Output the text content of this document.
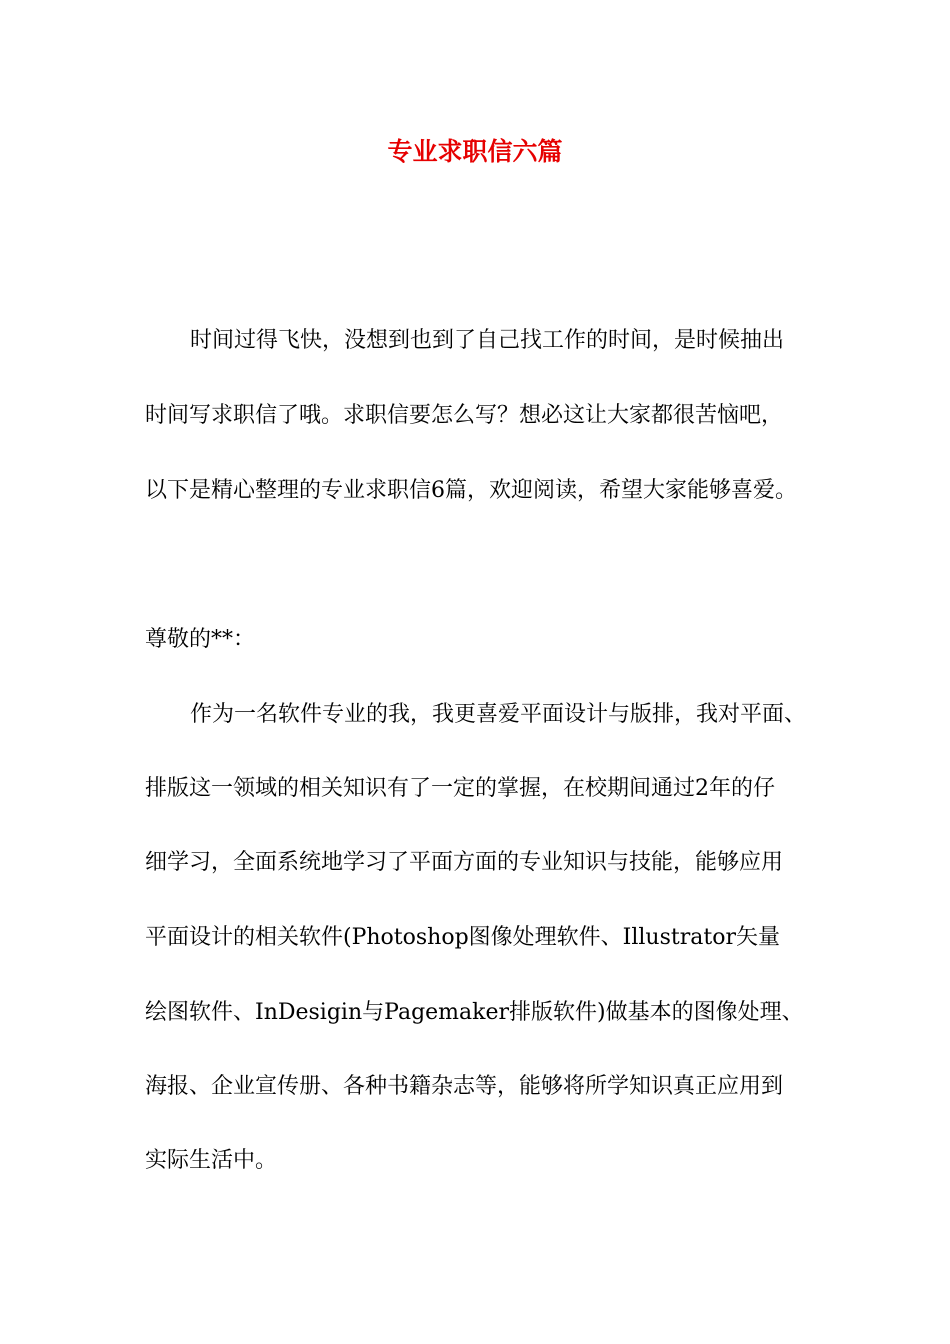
专业求职信六篇
时间过得飞快，没想到也到了自己找工作的时间，是时候抽出
时间写求职信了哦。求职信要怎么写？想必这让大家都很苦恼吧，
以下是精心整理的专业求职信6篇，欢迎阅读，希望大家能够喜爱。
尊敬的**：
作为一名软件专业的我，我更喜爱平面设计与版排，我对平面、
排版这一领域的相关知识有了一定的掌握，在校期间通过2年的仔
细学习，全面系统地学习了平面方面的专业知识与技能，能够应用
平面设计的相关软件(Photoshop图像处理软件、Illustrator矢量
绘图软件、InDesigin与Pagemaker排版软件)做基本的图像处理、
海报、企业宣传册、各种书籍杂志等，能够将所学知识真正应用到
实际生活中。
